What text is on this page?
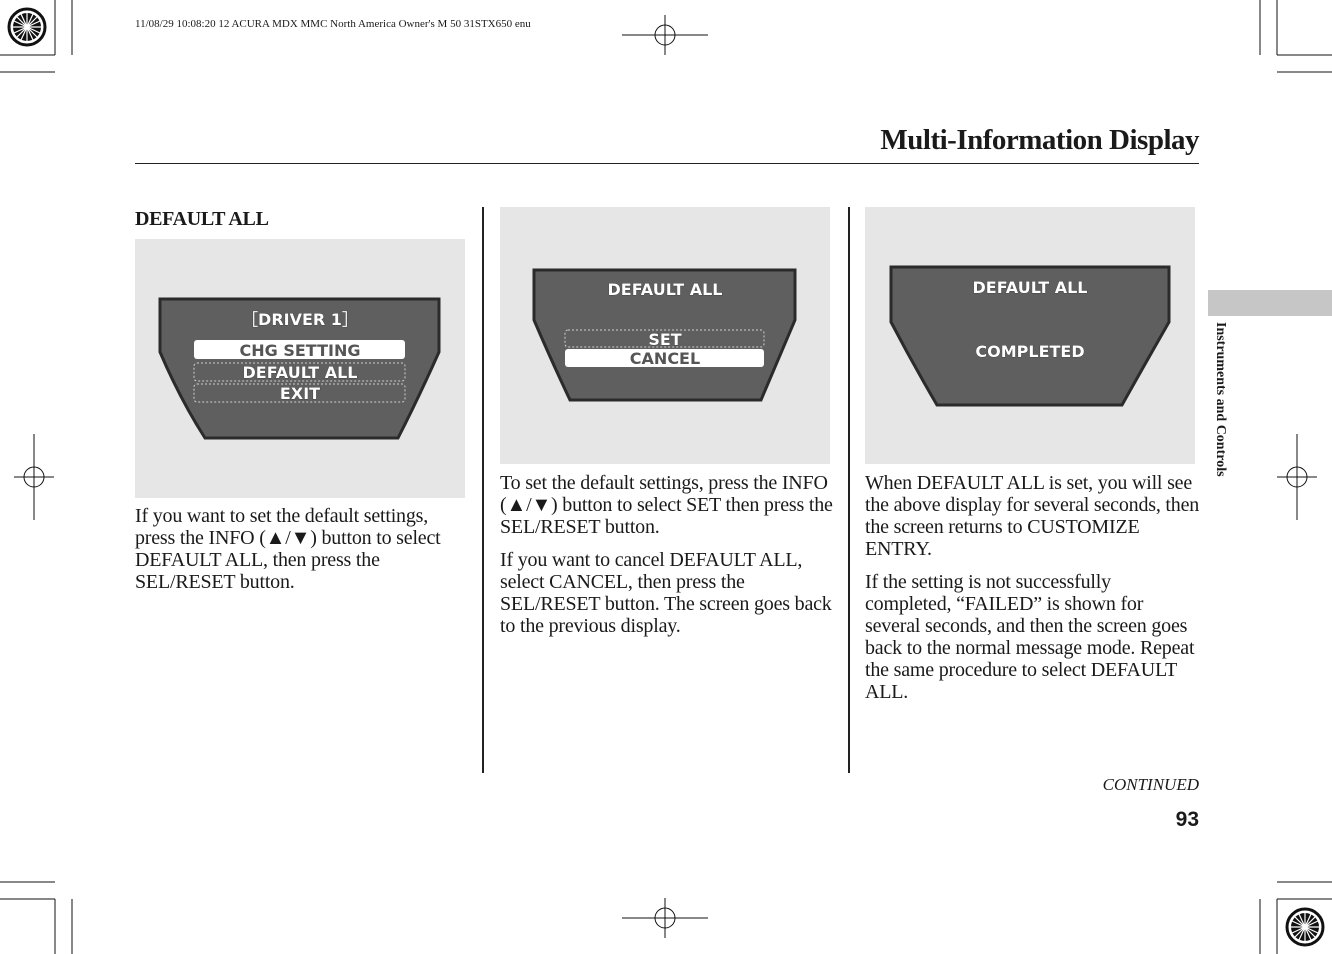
11/08/29 10:08:20 12 ACURA MDX MMC North America Owner's M 50 31STX650 enu
Multi-Information Display
Instruments and Controls
DEFAULT ALL
［DRIVER 1］
CHG SETTING
DEFAULT ALL
EXIT
DEFAULT ALL
SET
CANCEL
DEFAULT ALL
COMPLETED

If you want to set the default settings, press the INFO (▲/▼) button to select DEFAULT ALL, then press the SEL/RESET button.

To set the default settings, press the INFO (▲/▼) button to select SET then press the SEL/RESET button.

If you want to cancel DEFAULT ALL, select CANCEL, then press the SEL/RESET button. The screen goes back to the previous display.

When DEFAULT ALL is set, you will see the above display for several seconds, then the screen returns to CUSTOMIZE ENTRY.

If the setting is not successfully completed, “FAILED” is shown for several seconds, and then the screen goes back to the normal message mode. Repeat the same procedure to select DEFAULT ALL.

CONTINUED
93
